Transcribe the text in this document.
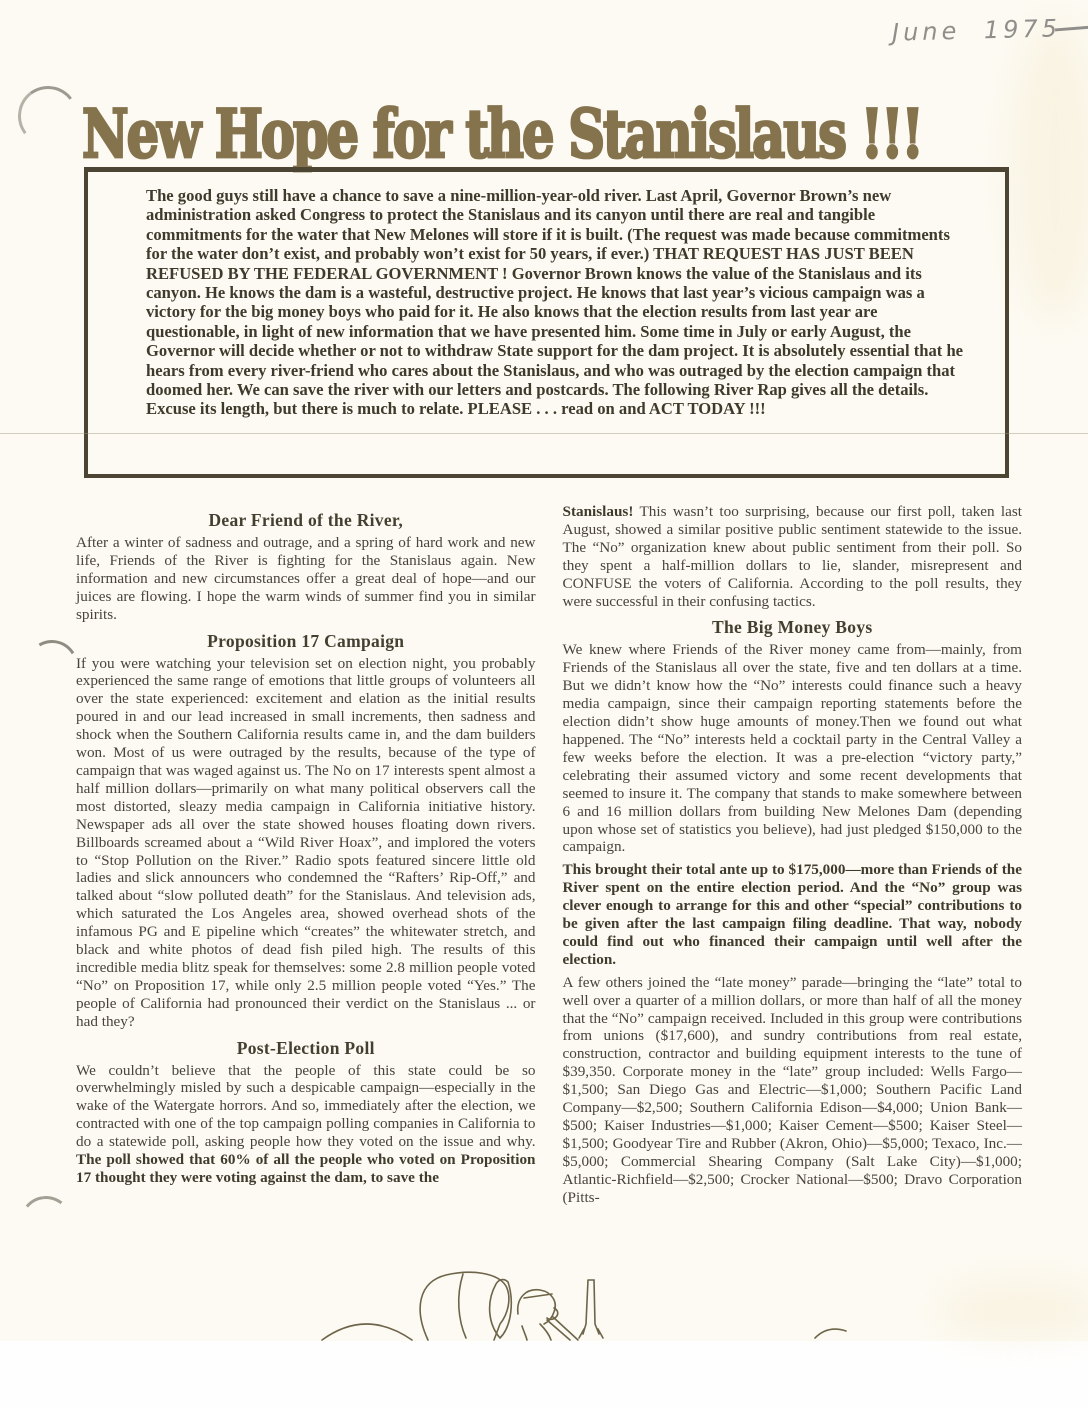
June 1975
New Hope for the Stanislaus !!!

The good guys still have a chance to save a nine-million-year-old river. Last April, Governor Brown’s new administration asked Congress to protect the Stanislaus and its canyon until there are real and tangible commitments for the water that New Melones will store if it is built. (The request was made because commitments for the water don’t exist, and probably won’t exist for 50 years, if ever.) THAT REQUEST HAS JUST BEEN REFUSED BY THE FEDERAL GOVERNMENT ! Governor Brown knows the value of the Stanislaus and its canyon. He knows the dam is a wasteful, destructive project. He knows that last year’s vicious campaign was a victory for the big money boys who paid for it. He also knows that the election results from last year are questionable, in light of new information that we have presented him. Some time in July or early August, the Governor will decide whether or not to withdraw State support for the dam project. It is absolutely essential that he hears from every river-friend who cares about the Stanislaus, and who was outraged by the election campaign that doomed her. We can save the river with our letters and postcards. The following River Rap gives all the details. Excuse its length, but there is much to relate. PLEASE . . . read on and ACT TODAY !!!

Dear Friend of the River,

After a winter of sadness and outrage, and a spring of hard work and new life, Friends of the River is fighting for the Stanislaus again. New information and new circumstances offer a great deal of hope—and our juices are flowing. I hope the warm winds of summer find you in similar spirits.

Proposition 17 Campaign

If you were watching your television set on election night, you probably experienced the same range of emotions that little groups of volunteers all over the state experienced: excitement and elation as the initial results poured in and our lead increased in small increments, then sadness and shock when the Southern California results came in, and the dam builders won. Most of us were outraged by the results, because of the type of campaign that was waged against us. The No on 17 interests spent almost a half million dollars—primarily on what many political observers call the most distorted, sleazy media campaign in California initiative history. Newspaper ads all over the state showed houses floating down rivers. Billboards screamed about a “Wild River Hoax”, and implored the voters to “Stop Pollution on the River.” Radio spots featured sincere little old ladies and slick announcers who condemned the “Rafters’ Rip-Off,” and talked about “slow polluted death” for the Stanislaus. And television ads, which saturated the Los Angeles area, showed overhead shots of the infamous PG and E pipeline which “creates” the whitewater stretch, and black and white photos of dead fish piled high. The results of this incredible media blitz speak for themselves: some 2.8 million people voted “No” on Proposition 17, while only 2.5 million people voted “Yes.” The people of California had pronounced their verdict on the Stanislaus ... or had they?

Post-Election Poll

We couldn’t believe that the people of this state could be so overwhelmingly misled by such a despicable campaign—especially in the wake of the Watergate horrors. And so, immediately after the election, we contracted with one of the top campaign polling companies in California to do a statewide poll, asking people how they voted on the issue and why. The poll showed that 60% of all the people who voted on Proposition 17 thought they were voting against the dam, to save the

Stanislaus! This wasn’t too surprising, because our first poll, taken last August, showed a similar positive public sentiment statewide to the issue. The “No” organization knew about public sentiment from their poll. So they spent a half-million dollars to lie, slander, misrepresent and CONFUSE the voters of California. According to the poll results, they were successful in their confusing tactics.

The Big Money Boys

We knew where Friends of the River money came from—mainly, from Friends of the Stanislaus all over the state, five and ten dollars at a time. But we didn’t know how the “No” interests could finance such a heavy media campaign, since their campaign reporting statements before the election didn’t show huge amounts of money.Then we found out what happened. The “No” interests held a cocktail party in the Central Valley a few weeks before the election. It was a pre-election “victory party,” celebrating their assumed victory and some recent developments that seemed to insure it. The company that stands to make somewhere between 6 and 16 million dollars from building New Melones Dam (depending upon whose set of statistics you believe), had just pledged $150,000 to the campaign.

This brought their total ante up to $175,000—more than Friends of the River spent on the entire election period. And the “No” group was clever enough to arrange for this and other “special” contributions to be given after the last campaign filing deadline. That way, nobody could find out who financed their campaign until well after the election.

A few others joined the “late money” parade—bringing the “late” total to well over a quarter of a million dollars, or more than half of all the money that the “No” campaign received. Included in this group were contributions from unions ($17,600), and sundry contributions from real estate, construction, contractor and building equipment interests to the tune of $39,350. Corporate money in the “late” group included: Wells Fargo—$1,500; San Diego Gas and Electric—$1,000; Southern Pacific Land Company—$2,500; Southern California Edison—$4,000; Union Bank—$500; Kaiser Industries—$1,000; Kaiser Cement—$500; Kaiser Steel—$1,500; Goodyear Tire and Rubber (Akron, Ohio)—$5,000; Texaco, Inc.—$5,000; Commercial Shearing Company (Salt Lake City)—$1,000; Atlantic-Richfield—$2,500; Crocker National—$500; Dravo Corporation (Pitts-
